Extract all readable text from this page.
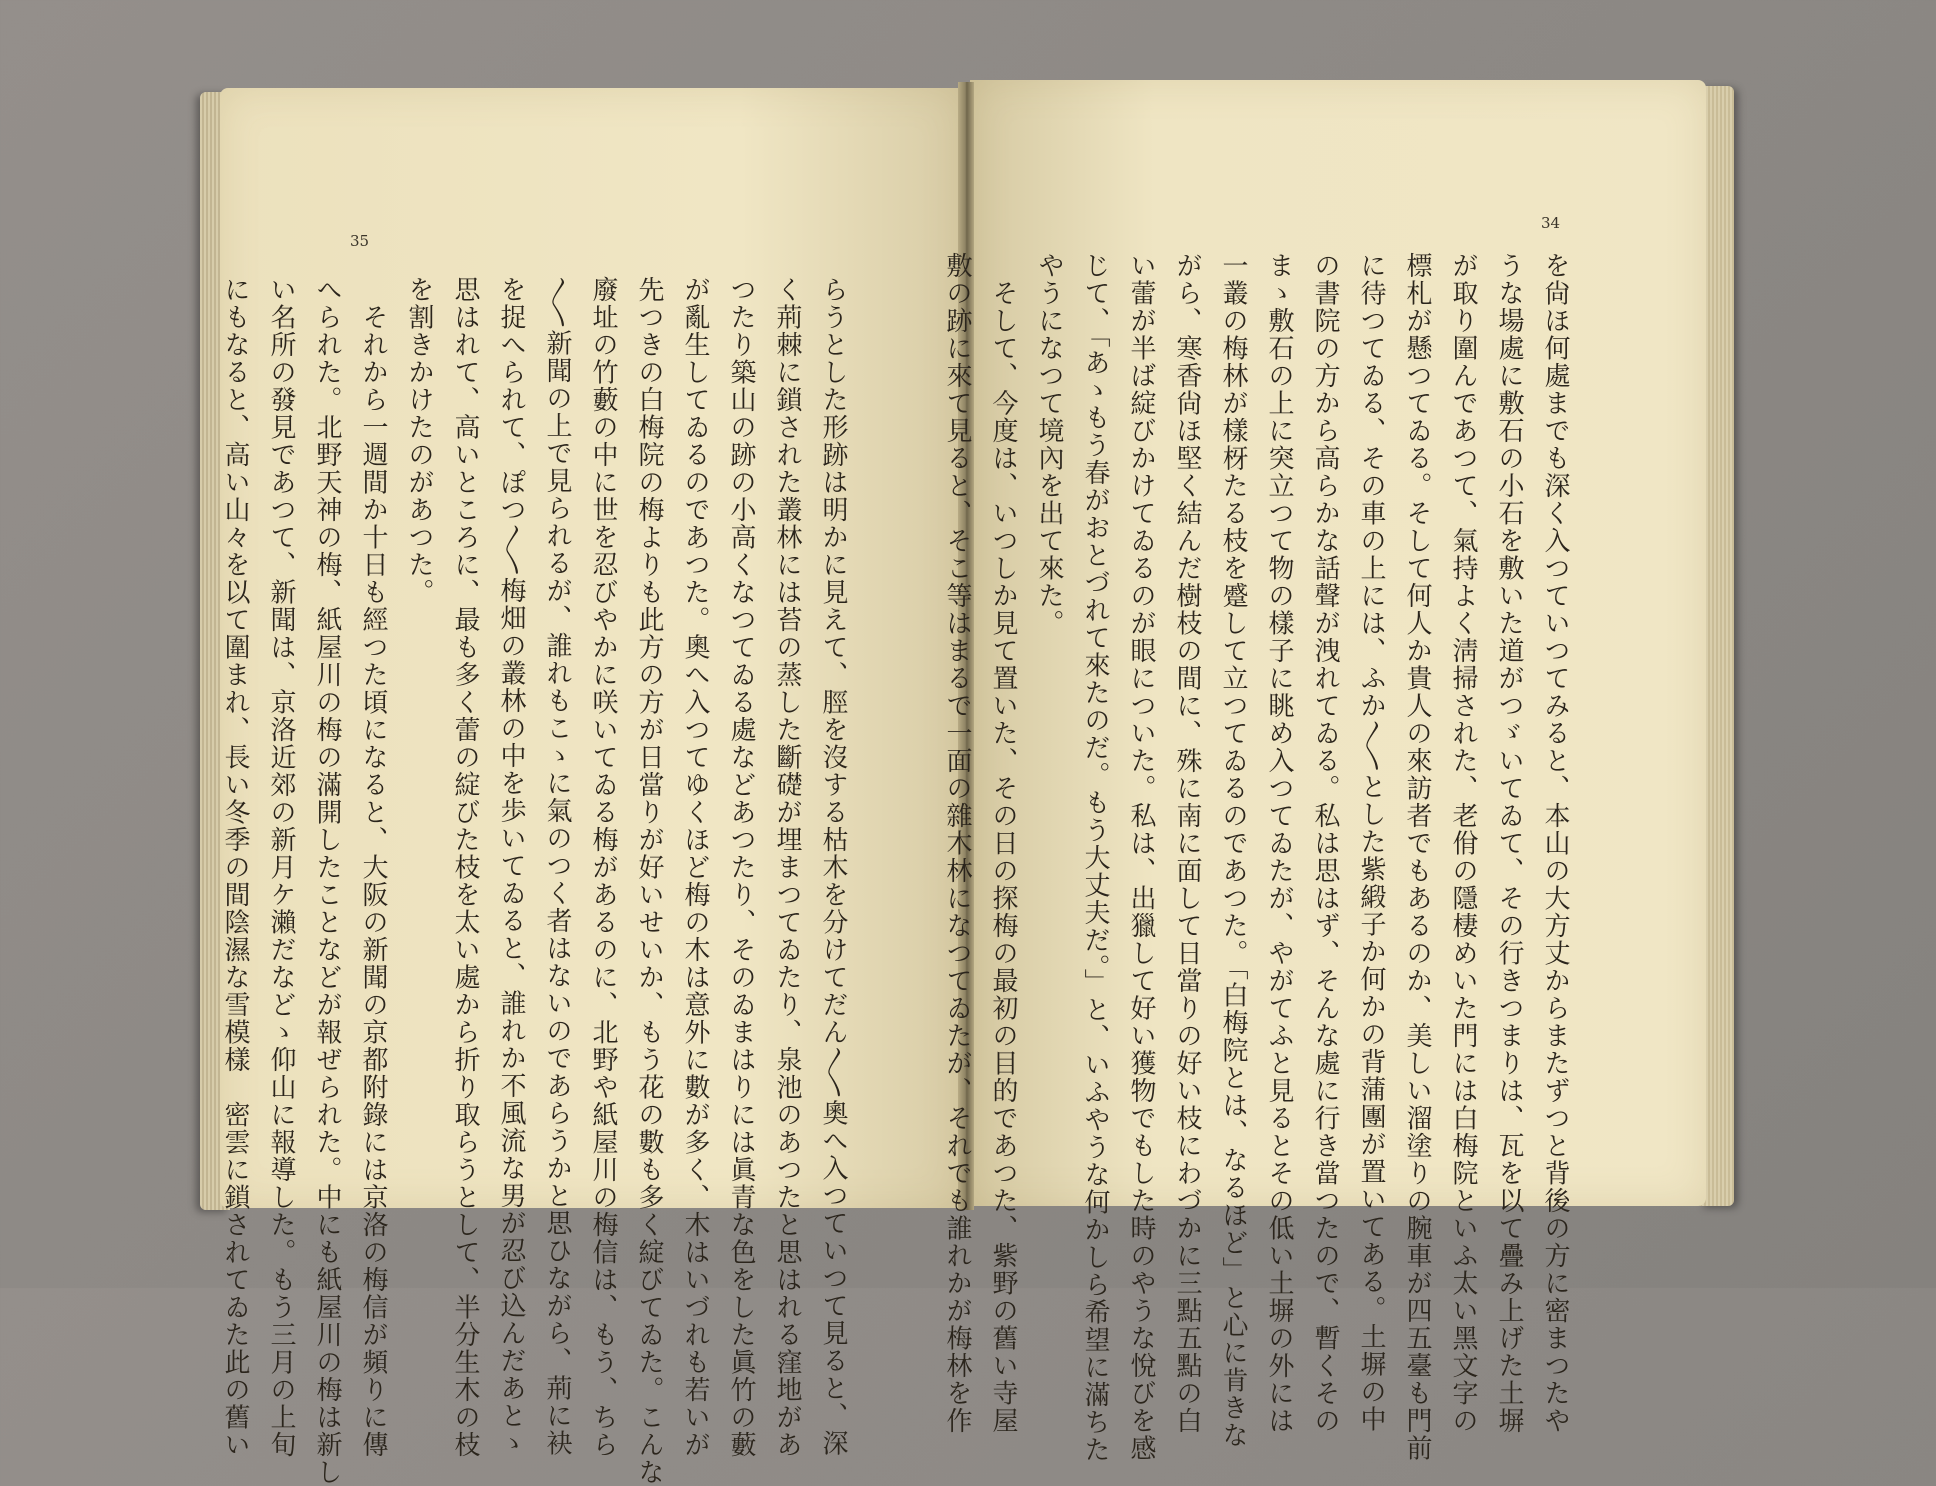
35
34
らうとした形跡は明かに見えて、脛を沒する枯木を分けてだん〳〵奧へ入つていつて見ると、深
く荊棘に鎖された叢林には苔の蒸した斷礎が埋まつてゐたり、泉池のあつたと思はれる窪地があ
つたり築山の跡の小高くなつてゐる處などあつたり、そのゐまはりには眞青な色をした眞竹の藪
が亂生してゐるのであつた。奧へ入つてゆくほど梅の木は意外に數が多く、木はいづれも若いが
先つきの白梅院の梅よりも此方の方が日當りが好いせいか、もう花の數も多く綻びてゐた。こんな
廢址の竹藪の中に世を忍びやかに咲いてゐる梅があるのに、北野や紙屋川の梅信は、もう、ちら
〳〵新聞の上で見られるが、誰れもこゝに氣のつく者はないのであらうかと思ひながら、荊に袂
を捉へられて、ぽつ〳〵梅畑の叢林の中を歩いてゐると、誰れか不風流な男が忍び込んだあとゝ
思はれて、高いところに、最も多く蕾の綻びた枝を太い處から折り取らうとして、半分生木の枝
を割きかけたのがあつた。
　それから一週間か十日も經つた頃になると、大阪の新聞の京都附錄には京洛の梅信が頻りに傳
へられた。北野天神の梅、紙屋川の梅の滿開したことなどが報ぜられた。中にも紙屋川の梅は新し
い名所の發見であつて、新聞は、京洛近郊の新月ケ瀨だなどゝ仰山に報導した。もう三月の上旬
にもなると、高い山々を以て圍まれ、長い冬季の間陰濕な雪模樣　密雲に鎖されてゐた此の舊い	を尙ほ何處までも深く入つていつてみると、本山の大方丈からまたずつと背後の方に密まつたや
うな場處に敷石の小石を敷いた道がつゞいてゐて、その行きつまりは、瓦を以て疊み上げた土塀
が取り圍んであつて、氣持よく淸掃された、老佾の隱棲めいた門には白梅院といふ太い黑文字の
標札が懸つてゐる。そして何人か貴人の來訪者でもあるのか、美しい溜塗りの腕車が四五臺も門前
に待つてゐる、その車の上には、ふか〳〵とした紫緞子か何かの背蒲團が置いてある。土塀の中
の書院の方から高らかな話聲が洩れてゐる。私は思はず、そんな處に行き當つたので、暫くその
まゝ敷石の上に突立つて物の樣子に眺め入つてゐたが、やがてふと見るとその低い土塀の外には
一叢の梅林が樣枒たる枝を蹙して立つてゐるのであつた。「白梅院とは、なるほど」と心に肯きな
がら、寒香尙ほ堅く結んだ樹枝の間に、殊に南に面して日當りの好い枝にわづかに三點五點の白
い蕾が半ば綻びかけてゐるのが眼についた。私は、出獵して好い獲物でもした時のやうな悅びを感
じて、「あゝもう春がおとづれて來たのだ。もう大丈夫だ。」と、いふやうな何かしら希望に滿ちた
やうになつて境內を出て來た。
　そして、今度は、いつしか見て置いた、その日の探梅の最初の目的であつた、紫野の舊い寺屋
敷の跡に來て見ると、そこ等はまるで一面の雜木林になつてゐたが、それでも誰れかが梅林を作
